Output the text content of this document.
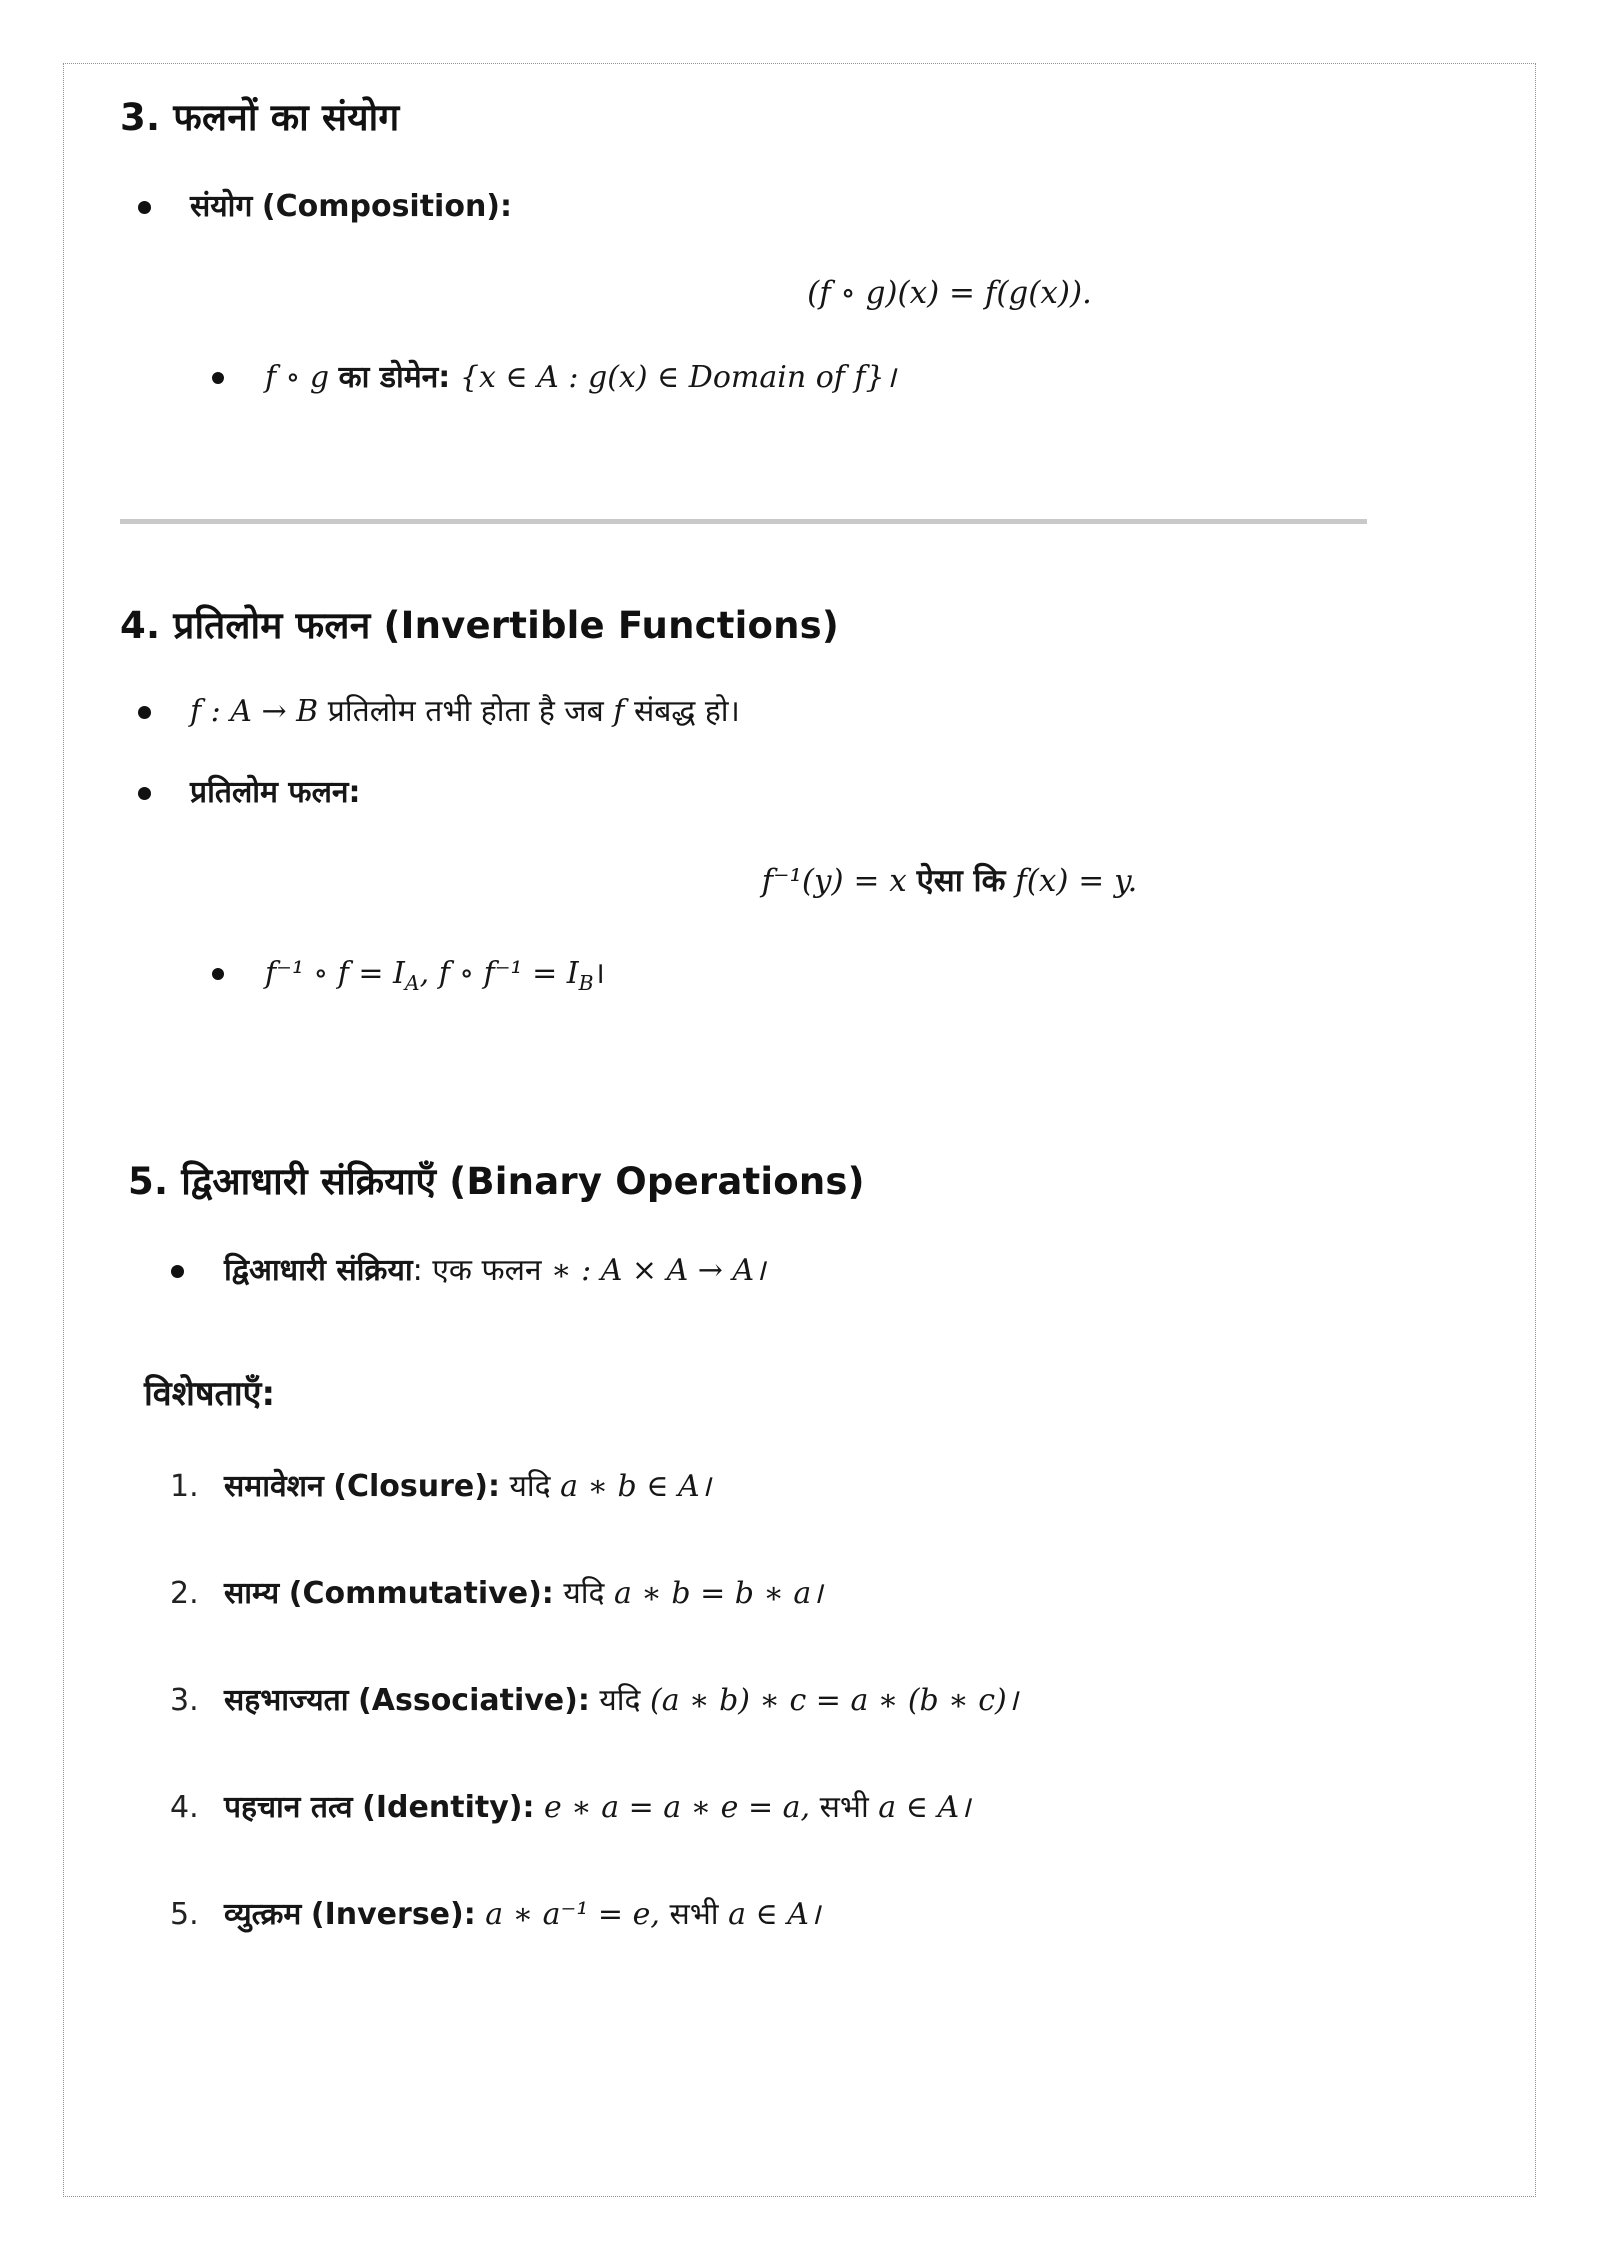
3. फलनों का संयोग
संयोग (Composition):
(f ∘ g)(x) = f(g(x)).
f ∘ g का डोमेन: {x ∈ A : g(x) ∈ Domain of f}।
4. प्रतिलोम फलन (Invertible Functions)
f : A → B प्रतिलोम तभी होता है जब f संबद्ध हो।
प्रतिलोम फलन:
f⁻¹(y) = x ऐसा कि f(x) = y.
f⁻¹ ∘ $f = I_A$, f ∘ $f^{-1} = I_B।$
5. द्विआधारी संक्रियाएँ (Binary Operations)
द्विआधारी संक्रिया: एक फलन ∗ : A × A → A।
विशेषताएँ:
1. समावेशन (Closure): यदि a ∗ b ∈ A।
2. साम्य (Commutative): यदि a ∗ b = b ∗ a।
3. सहभाज्यता (Associative): यदि (a ∗ b) ∗ c = a ∗ (b ∗ c)।
4. पहचान तत्व (Identity): e ∗ a = a ∗ e = a, सभी a ∈ A।
5. व्युत्क्रम (Inverse): a ∗ a⁻¹ = e, सभी a ∈ A।
